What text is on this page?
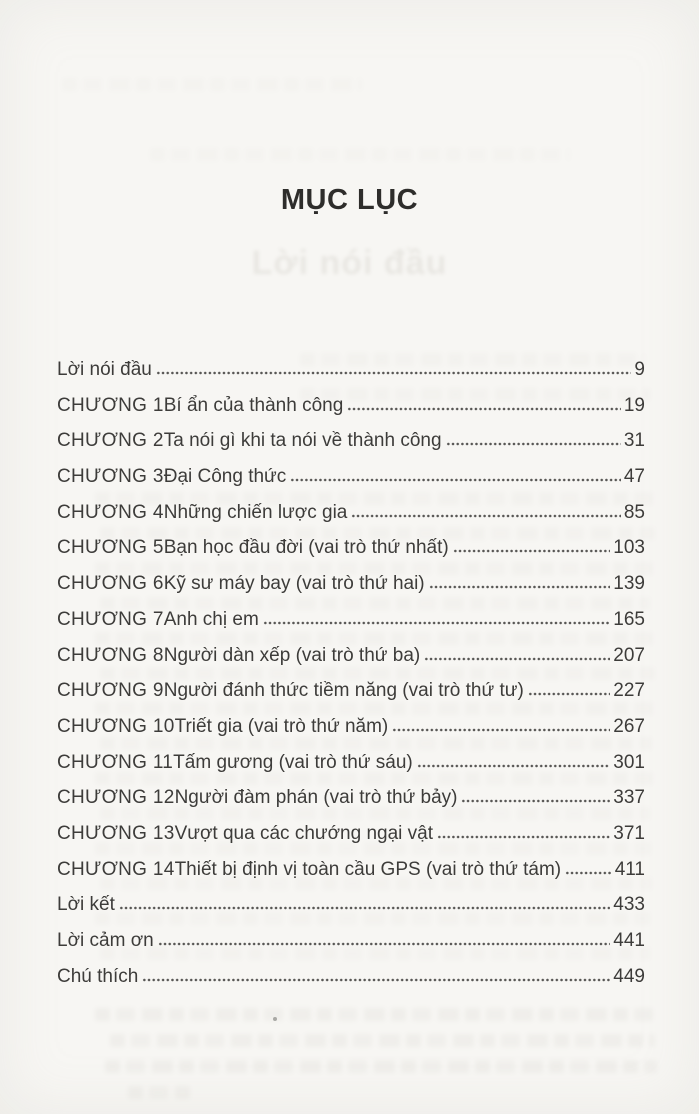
MỤC LỤC
Lời nói đầu
Lời nói đầu	9
CHƯƠNG 1 Bí ẩn của thành công	19
CHƯƠNG 2 Ta nói gì khi ta nói về thành công	31
CHƯƠNG 3 Đại Công thức	47
CHƯƠNG 4 Những chiến lược gia	85
CHƯƠNG 5 Bạn học đầu đời (vai trò thứ nhất)	103
CHƯƠNG 6 Kỹ sư máy bay (vai trò thứ hai)	139
CHƯƠNG 7 Anh chị em	165
CHƯƠNG 8 Người dàn xếp (vai trò thứ ba)	207
CHƯƠNG 9 Người đánh thức tiềm năng (vai trò thứ tư)	227
CHƯƠNG 10 Triết gia (vai trò thứ năm)	267
CHƯƠNG 11 Tấm gương (vai trò thứ sáu)	301
CHƯƠNG 12 Người đàm phán (vai trò thứ bảy)	337
CHƯƠNG 13 Vượt qua các chướng ngại vật	371
CHƯƠNG 14 Thiết bị định vị toàn cầu GPS (vai trò thứ tám)	411
Lời kết	433
Lời cảm ơn	441
Chú thích	449
